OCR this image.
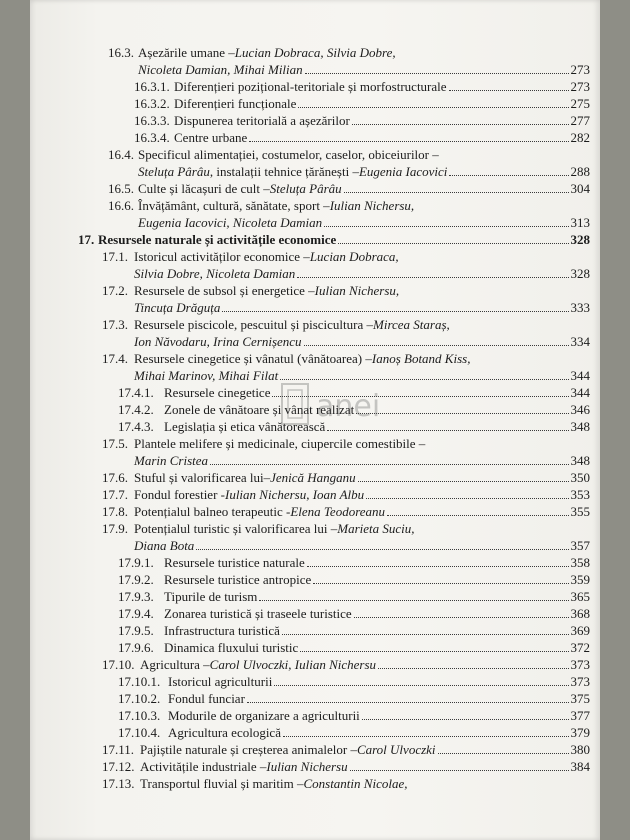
16.3. Așezările umane – Lucian Dobraca, Silvia Dobre,
Nicoleta Damian, Mihai Milian	273
16.3.1. Diferențieri pozițional-teritoriale și morfostructurale	273
16.3.2. Diferențieri funcționale	275
16.3.3. Dispunerea teritorială a așezărilor	277
16.3.4. Centre urbane	282
16.4. Specificul alimentației, costumelor, caselor, obiceiurilor –
Steluța Pârâu , instalații tehnice țărănești – Eugenia Iacovici	288
16.5. Culte și lăcașuri de cult – Steluța Pârâu	304
16.6. Învățământ, cultură, sănătate, sport – Iulian Nichersu,
Eugenia Iacovici, Nicoleta Damian	313
17. Resursele naturale și activitățile economice	328
17.1. Istoricul activităților economice – Lucian Dobraca,
Silvia Dobre, Nicoleta Damian	328
17.2. Resursele de subsol și energetice – Iulian Nichersu,
Tincuța Drăguța	333
17.3. Resursele piscicole, pescuitul și piscicultura – Mircea Staraș,
Ion Năvodaru, Irina Cernișencu	334
17.4. Resursele cinegetice și vânatul (vânătoarea) – Ianoș Botand Kiss,
Mihai Marinov, Mihai Filat	344
17.4.1. Resursele cinegetice	344
17.4.2. Zonele de vânătoare și vânat realizat	346
17.4.3. Legislația și etica vânătorească	348
17.5. Plantele melifere și medicinale, ciupercile comestibile –
Marin Cristea	348
17.6. Stuful și valorificarea lui– Jenică Hanganu	350
17.7. Fondul forestier - Iulian Nichersu, Ioan Albu	353
17.8. Potențialul balneo terapeutic - Elena Teodoreanu	355
17.9. Potențialul turistic și valorificarea lui – Marieta Suciu,
Diana Bota	357
17.9.1. Resursele turistice naturale	358
17.9.2. Resursele turistice antropice	359
17.9.3. Tipurile de turism	365
17.9.4. Zonarea turistică și traseele turistice	368
17.9.5. Infrastructura turistică	369
17.9.6. Dinamica fluxului turistic	372
17.10. Agricultura – Carol Ulvoczki, Iulian Nichersu	373
17.10.1. Istoricul agriculturii	373
17.10.2. Fondul funciar	375
17.10.3. Modurile de organizare a agriculturii	377
17.10.4. Agricultura ecologică	379
17.11. Pajiștile naturale și creșterea animalelor – Carol Ulvoczki	380
17.12. Activitățile industriale – Iulian Nichersu	384
17.13. Transportul fluvial și maritim – Constantin Nicolae,
anei
